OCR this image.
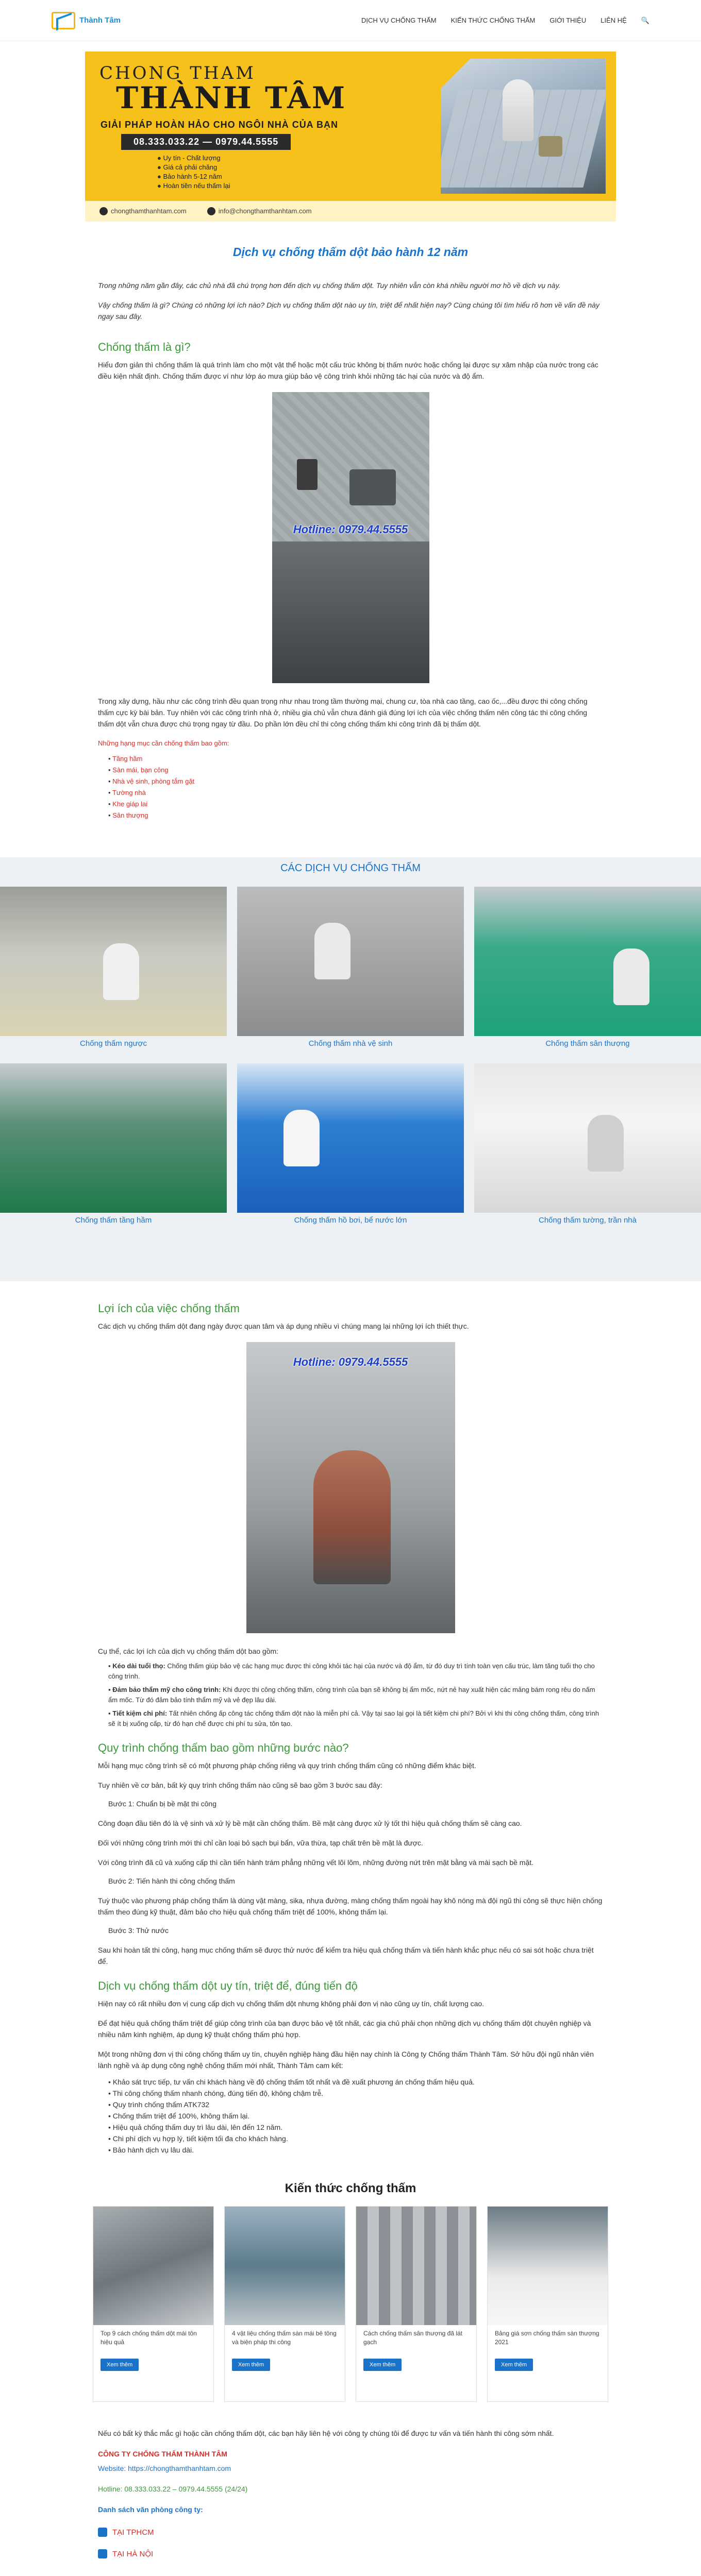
Thành Tâm	DỊCH VỤ CHỐNG THẤM KIẾN THỨC CHỐNG THẤM GIỚI THIỆU LIÊN HỆ 🔍
CHONG THAM
THÀNH TÂM
GIẢI PHÁP HOÀN HẢO CHO NGÔI NHÀ CỦA BẠN
08.333.033.22 — 0979.44.5555
● Uy tín - Chất lượng
● Giá cả phải chăng
● Bảo hành 5-12 năm
● Hoàn tiền nếu thấm lại
chongthamthanhtam.com	info@chongthamthanhtam.com
Dịch vụ chống thấm dột bảo hành 12 năm

Trong những năm gần đây, các chủ nhà đã chú trọng hơn đến dịch vụ chống thấm dột. Tuy nhiên vẫn còn khá nhiều người mơ hồ về dịch vụ này.

Vậy chống thấm là gì? Chúng có những lợi ích nào? Dịch vụ chống thấm dột nào uy tín, triệt để nhất hiện nay? Cùng chúng tôi tìm hiểu rõ hơn về vấn đề này ngay sau đây.

Chống thấm là gì?

Hiểu đơn giản thì chống thấm là quá trình làm cho một vật thể hoặc một cấu trúc không bị thấm nước hoặc chống lại được sự xâm nhập của nước trong các điều kiện nhất định. Chống thấm được ví như lớp áo mưa giúp bảo vệ công trình khỏi những tác hại của nước và độ ẩm.

Hotline: 0979.44.5555

Trong xây dựng, hầu như các công trình đều quan trọng như nhau trong tầm thường mại, chung cư, tòa nhà cao tầng, cao ốc,...đều được thi công chống thấm cực kỳ bài bản. Tuy nhiên với các công trình nhà ở, nhiều gia chủ vẫn chưa đánh giá đúng lợi ích của việc chống thấm nên công tác thi công chống thấm dột vẫn chưa được chú trọng ngay từ đầu. Do phần lớn đều chỉ thi công chống thấm khi công trình đã bị thấm dột.

Những hạng mục cần chống thấm bao gồm:

• Tầng hầm
• Sàn mái, bạn công
• Nhà vệ sinh, phòng tắm gặt
• Tường nhà
• Khe giáp lai
• Sân thượng
CÁC DỊCH VỤ CHỐNG THẤM
Chống thấm ngược	Chống thấm nhà vệ sinh	Chống thấm sân thượng
Chống thấm tầng hầm	Chống thấm hồ bơi, bể nước lớn	Chống thấm tường, trần nhà
Lợi ích của việc chống thấm

Các dịch vụ chống thấm dột đang ngày được quan tâm và áp dụng nhiều vì chúng mang lại những lợi ích thiết thực.

Hotline: 0979.44.5555

Cụ thể, các lợi ích của dịch vụ chống thấm dột bao gồm:

▪ Kéo dài tuổi thọ: Chống thấm giúp bảo vệ các hạng mục được thi công khỏi tác hại của nước và độ ẩm, từ đó duy trì tính toàn vẹn cấu trúc, làm tăng tuổi thọ cho công trình.
▪ Đảm bảo thẩm mỹ cho công trình: Khi được thi công chống thấm, công trình của bạn sẽ không bị ẩm mốc, nứt nẻ hay xuất hiện các mảng bám rong rêu do nấm ẩm mốc. Từ đó đảm bảo tính thẩm mỹ và vẻ đẹp lâu dài.
▪ Tiết kiệm chi phí: Tất nhiên chống ấp công tác chống thấm dột nào là miễn phí cả. Vậy tại sao lại gọi là tiết kiệm chi phí? Bởi vì khi thi công chống thấm, công trình sẽ ít bị xuống cấp, từ đó hạn chế được chi phí tu sửa, tôn tạo.
Quy trình chống thấm bao gồm những bước nào?

Mỗi hạng mục công trình sẽ có một phương pháp chống riêng và quy trình chống thấm cũng có những điểm khác biệt.

Tuy nhiên về cơ bản, bất kỳ quy trình chống thấm nào cũng sẽ bao gồm 3 bước sau đây:

Bước 1: Chuẩn bị bề mặt thi công

Công đoạn đầu tiên đó là vệ sinh và xử lý bề mặt cần chống thấm. Bề mặt càng được xử lý tốt thì hiệu quả chống thấm sẽ càng cao.

Đối với những công trình mới thi chỉ cần loại bỏ sạch bụi bẩn, vữa thừa, tạp chất trên bề mặt là được.

Với công trình đã cũ và xuống cấp thì cần tiến hành trám phẳng những vết lõi lõm, những đường nứt trên mặt bằng và mài sạch bề mặt.

Bước 2: Tiến hành thi công chống thấm

Tuỳ thuộc vào phương pháp chống thấm là dùng vật màng, sika, nhựa đường, màng chống thấm ngoài hay khô nóng mà đội ngũ thi công sẽ thực hiện chống thấm theo đúng kỹ thuật, đảm bảo cho hiệu quả chống thấm triệt để 100%, không thấm lại.

Bước 3: Thử nước

Sau khi hoàn tất thi công, hạng mục chống thấm sẽ được thử nước để kiểm tra hiệu quả chống thấm và tiến hành khắc phục nếu có sai sót hoặc chưa triệt để.

Dịch vụ chống thấm dột uy tín, triệt để, đúng tiến độ

Hiện nay có rất nhiều đơn vị cung cấp dịch vụ chống thấm dột nhưng không phải đơn vị nào cũng uy tín, chất lượng cao.

Để đạt hiệu quả chống thấm triệt để giúp công trình của bạn được bảo vệ tốt nhất, các gia chủ phải chọn những dịch vụ chống thấm dột chuyên nghiệp và nhiều năm kinh nghiệm, áp dụng kỹ thuật chống thấm phù hợp.

Một trong những đơn vị thi công chống thấm uy tín, chuyên nghiệp hàng đầu hiện nay chính là Công ty Chống thấm Thành Tâm. Sở hữu đội ngũ nhân viên lành nghề và áp dụng công nghệ chống thấm mới nhất, Thành Tâm cam kết:

• Khảo sát trực tiếp, tư vấn chi khách hàng về độ chống thấm tốt nhất và đề xuất phương án chống thấm hiệu quả.
• Thi công chống thấm nhanh chóng, đúng tiến độ, không chậm trễ.
• Quy trình chống thấm ATK732
• Chống thấm triệt để 100%, không thấm lại.
• Hiệu quả chống thấm duy trì lâu dài, lên đến 12 năm.
• Chi phí dịch vụ hợp lý, tiết kiệm tối đa cho khách hàng.
• Bảo hành dịch vụ lâu dài.
Kiến thức chống thấm
Top 9 cách chống thấm dột mái tôn hiệu quả
Xem thêm
4 vật liệu chống thấm sàn mái bê tông và biện pháp thi công
Xem thêm
Cách chống thấm sân thượng đã lát gạch
Xem thêm
Bảng giá sơn chống thấm sàn thượng 2021
Xem thêm

Nếu có bất kỳ thắc mắc gì hoặc cần chống thấm dột, các bạn hãy liên hệ với công ty chúng tôi để được tư vấn và tiến hành thi công sớm nhất.

CÔNG TY CHỐNG THẤM THÀNH TÂM

Website: https://chongthamthanhtam.com

Hotline: 08.333.033.22 – 0979.44.5555 (24/24)

Danh sách văn phòng công ty:

TẠI TPHCM
TẠI HÀ NỘI
